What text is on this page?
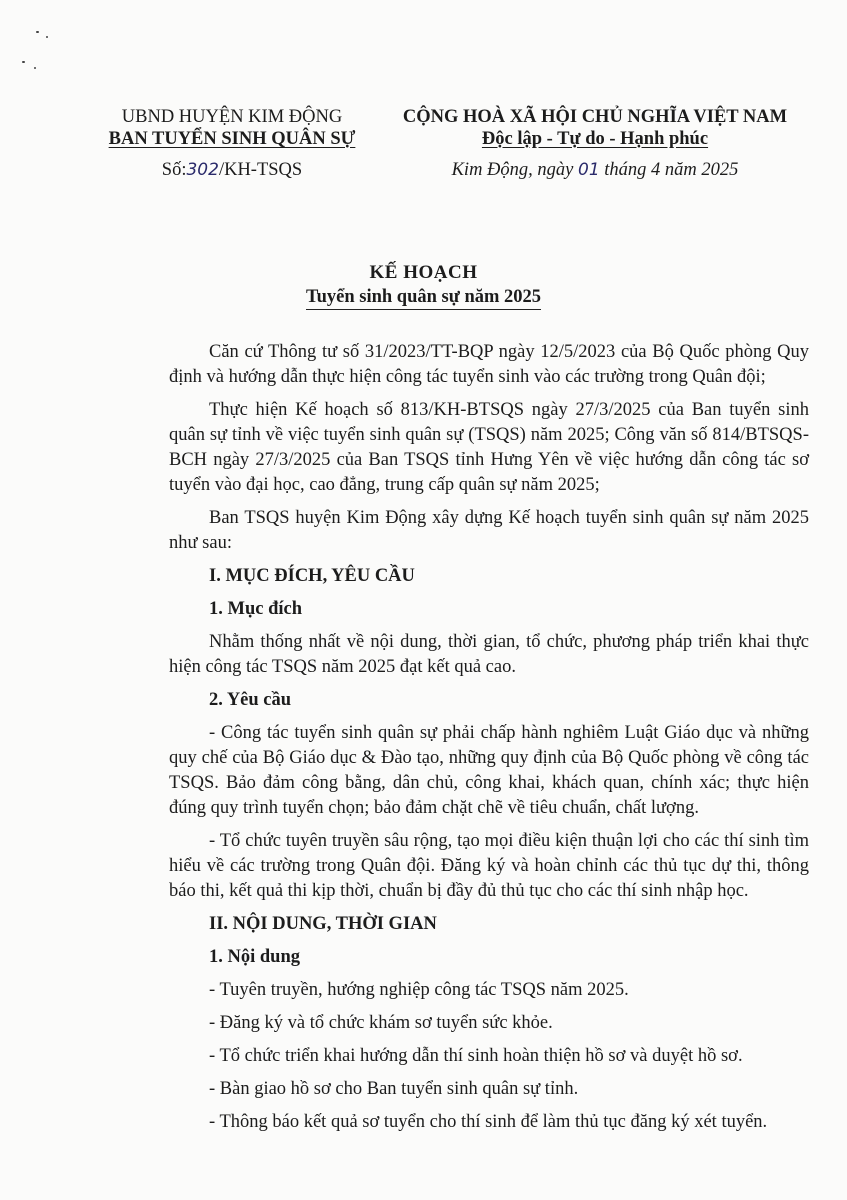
UBND HUYỆN KIM ĐỘNG
BAN TUYỂN SINH QUÂN SỰ
Số:302/KH-TSQS
CỘNG HOÀ XÃ HỘI CHỦ NGHĨA VIỆT NAM
Độc lập - Tự do - Hạnh phúc
Kim Động, ngày 01 tháng 4 năm 2025
KẾ HOẠCH
Tuyển sinh quân sự năm 2025

Căn cứ Thông tư số 31/2023/TT-BQP ngày 12/5/2023 của Bộ Quốc phòng Quy định và hướng dẫn thực hiện công tác tuyển sinh vào các trường trong Quân đội;

Thực hiện Kế hoạch số 813/KH-BTSQS ngày 27/3/2025 của Ban tuyển sinh quân sự tỉnh về việc tuyển sinh quân sự (TSQS) năm 2025; Công văn số 814/BTSQS-BCH ngày 27/3/2025 của Ban TSQS tỉnh Hưng Yên về việc hướng dẫn công tác sơ tuyển vào đại học, cao đẳng, trung cấp quân sự năm 2025;

Ban TSQS huyện Kim Động xây dựng Kế hoạch tuyển sinh quân sự năm 2025 như sau:

I. MỤC ĐÍCH, YÊU CẦU

1. Mục đích

Nhằm thống nhất về nội dung, thời gian, tổ chức, phương pháp triển khai thực hiện công tác TSQS năm 2025 đạt kết quả cao.

2. Yêu cầu

- Công tác tuyển sinh quân sự phải chấp hành nghiêm Luật Giáo dục và những quy chế của Bộ Giáo dục & Đào tạo, những quy định của Bộ Quốc phòng về công tác TSQS. Bảo đảm công bằng, dân chủ, công khai, khách quan, chính xác; thực hiện đúng quy trình tuyển chọn; bảo đảm chặt chẽ về tiêu chuẩn, chất lượng.

- Tổ chức tuyên truyền sâu rộng, tạo mọi điều kiện thuận lợi cho các thí sinh tìm hiểu về các trường trong Quân đội. Đăng ký và hoàn chỉnh các thủ tục dự thi, thông báo thi, kết quả thi kịp thời, chuẩn bị đầy đủ thủ tục cho các thí sinh nhập học.

II. NỘI DUNG, THỜI GIAN

1. Nội dung

- Tuyên truyền, hướng nghiệp công tác TSQS năm 2025.

- Đăng ký và tổ chức khám sơ tuyển sức khỏe.

- Tổ chức triển khai hướng dẫn thí sinh hoàn thiện hồ sơ và duyệt hồ sơ.

- Bàn giao hồ sơ cho Ban tuyển sinh quân sự tỉnh.

- Thông báo kết quả sơ tuyển cho thí sinh để làm thủ tục đăng ký xét tuyển.
